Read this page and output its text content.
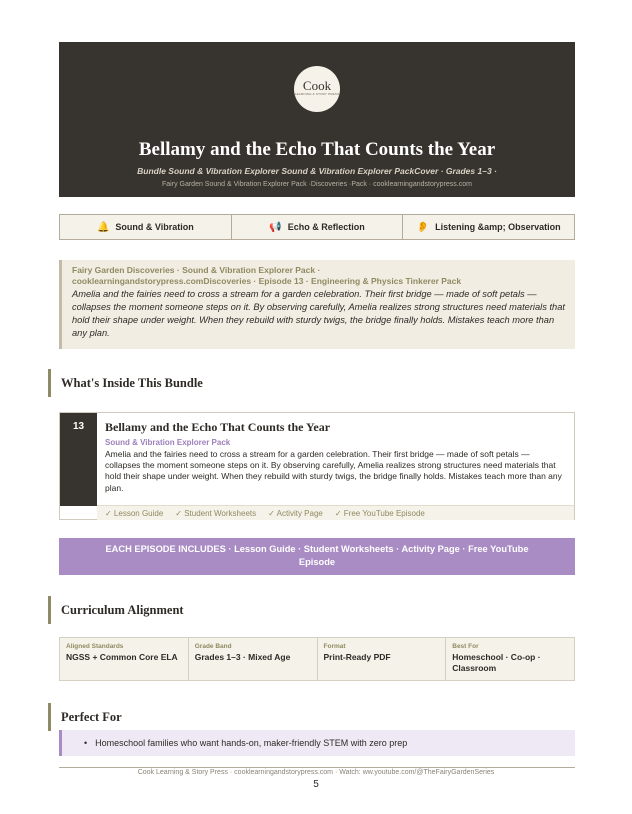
Cook
LEARNING & STORY PRESS
Bellamy and the Echo That Counts the Year
Bundle Sound & Vibration Explorer Sound & Vibration Explorer PackCover · Grades 1–3 ·
Fairy Garden Sound & Vibration Explorer Pack ·Discoveries ·Pack · cooklearningandstorypress.com
🔔 Sound & Vibration	📢 Echo & Reflection	👂 Listening &amp; Observation
Fairy Garden Discoveries · Sound & Vibration Explorer Pack ·
cooklearningandstorypress.comDiscoveries · Episode 13 · Engineering & Physics Tinkerer Pack
Amelia and the fairies need to cross a stream for a garden celebration. Their first bridge — made of soft petals — collapses the moment someone steps on it. By observing carefully, Amelia realizes strong structures need materials that hold their shape under weight. When they rebuild with sturdy twigs, the bridge finally holds. Mistakes teach more than any plan.
What's Inside This Bundle
13	Bellamy and the Echo That Counts the Year
Sound & Vibration Explorer Pack
Amelia and the fairies need to cross a stream for a garden celebration. Their first bridge — made of soft petals — collapses the moment someone steps on it. By observing carefully, Amelia realizes strong structures need materials that hold their shape under weight. When they rebuild with sturdy twigs, the bridge finally holds. Mistakes teach more than any plan.
✓ Lesson Guide ✓ Student Worksheets ✓ Activity Page ✓ Free YouTube Episode
EACH EPISODE INCLUDES · Lesson Guide · Student Worksheets · Activity Page · Free YouTube Episode
Curriculum Alignment
Aligned Standards
NGSS + Common Core ELA
Grade Band
Grades 1–3 · Mixed Age
Format
Print-Ready PDF
Best For
Homeschool · Co-op · Classroom
Perfect For
• Homeschool families who want hands-on, maker-friendly STEM with zero prep
Cook Learning & Story Press · cooklearningandstorypress.com · Watch: ww.youtube.com/@TheFairyGardenSeries
5
